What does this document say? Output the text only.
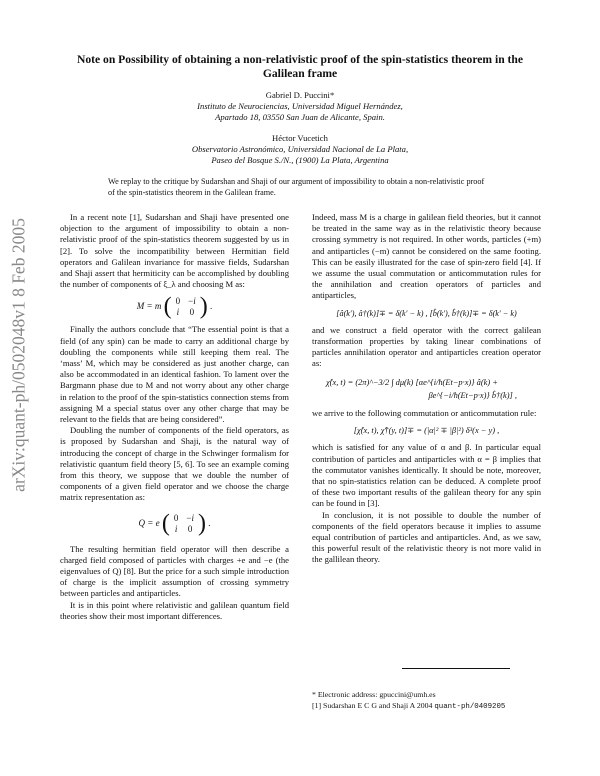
arXiv:quant-ph/0502048v1 8 Feb 2005
Note on Possibility of obtaining a non-relativistic proof of the spin-statistics theorem in the Galilean frame
Gabriel D. Puccini*
Instituto de Neurociencias, Universidad Miguel Hernández,
Apartado 18, 03550 San Juan de Alicante, Spain.
Héctor Vucetich
Observatorio Astronómico, Universidad Nacional de La Plata,
Paseo del Bosque S./N., (1900) La Plata, Argentina
We replay to the critique by Sudarshan and Shaji of our argument of impossibility to obtain a non-relativistic proof of the spin-statistics theorem in the Galilean frame.

In a recent note [1], Sudarshan and Shaji have presented one objection to the argument of impossibility to obtain a non-relativistic proof of the spin-statistics theorem suggested by us in [2]. To solve the incompatibility between Hermitian field operators and Galilean invariance for massive fields, Sudarshan and Shaji assert that hermiticity can be accomplished by doubling the number of components of ξ_λ and choosing M as:

M = m ( 0	−i
i	0 ) .

Finally the authors conclude that “The essential point is that a field (of any spin) can be made to carry an additional charge by doubling the components while still keeping them real. The ‘mass’ M, which may be considered as just another charge, can also be accommodated in an identical fashion. To lament over the Bargmann phase due to M and not worry about any other charge in relation to the proof of the spin-statistics connection stems from assigning M a special status over any other charge that may be relevant to the fields that are being considered”.

Doubling the number of components of the field operators, as is proposed by Sudarshan and Shaji, is the natural way of introducing the concept of charge in the Schwinger formalism for relativistic quantum field theory [5, 6]. To see an example coming from this theory, we suppose that we double the number of components of a given field operator and we choose the charge matrix representation as:

Q = e ( 0	−i
i	0 ) .

The resulting hermitian field operator will then describe a charged field composed of particles with charges +e and −e (the eigenvalues of Q) [8]. But the price for a such simple introduction of charge is the implicit assumption of crossing symmetry between particles and antiparticles.

It is in this point where relativistic and galilean quantum field theories show their most important differences.

Indeed, mass M is a charge in galilean field theories, but it cannot be treated in the same way as in the relativistic theory because crossing symmetry is not required. In other words, particles (+m) and antiparticles (−m) cannot be considered on the same footing. This can be easily illustrated for the case of spin-zero field [4]. If we assume the usual commutation or anticommutation rules for the annihilation and creation operators of particles and antiparticles,

[â(k′), â†(k)]∓ = δ(k′ − k) , [b̂(k′), b̂†(k)]∓ = δ(k′ − k)

and we construct a field operator with the correct galilean transformation properties by taking linear combinations of particles annihilation operator and antiparticles creation operator as:

χ̂(x, t) = (2π)^−3/2 ∫ dμ(k) [αe^{i/ħ(Et−p·x)} â(k) +
βe^{−i/ħ(Et−p·x)} b̂†(k)] ,

we arrive to the following commutation or anticommutation rule:

[χ̂(x, t), χ̂†(y, t)]∓ = (|α|² ∓ |β|²) δ³(x − y) ,

which is satisfied for any value of α and β. In particular equal contribution of particles and antiparticles with α = β implies that the commutator vanishes identically. It should be note, moreover, that no spin-statistics relation can be deduced. A complete proof of these two important results of the galilean theory for any spin can be found in [3].

In conclusion, it is not possible to double the number of components of the field operators because it implies to assume equal contribution of particles and antiparticles. And, as we saw, this powerful result of the relativistic theory is not more valid in the gallilean theory.

* Electronic address: gpuccini@umh.es
[1] Sudarshan E C G and Shaji A 2004 quant-ph/0409205
